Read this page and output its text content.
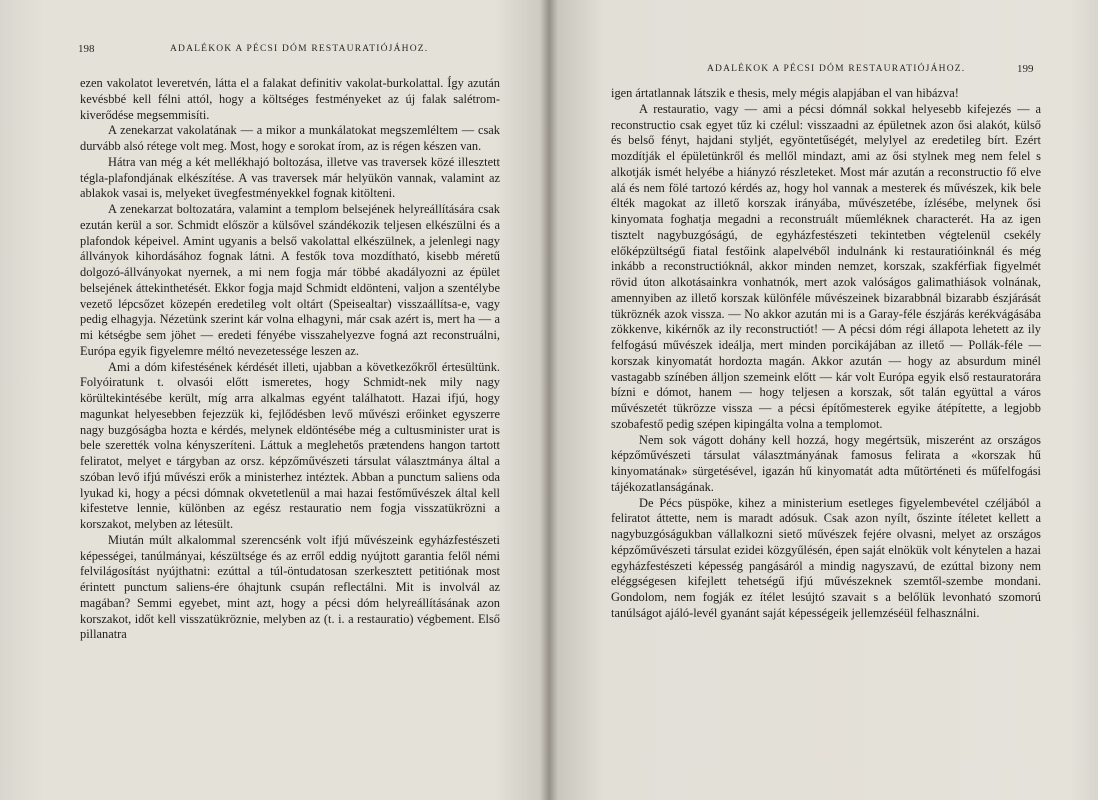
198	ADALÉKOK A PÉCSI DÓM RESTAURATIÓJÁHOZ.

ezen vakolatot leveretvén, látta el a falakat definitiv vakolat-burkolattal. Így azután kevésbbé kell félni attól, hogy a költséges festményeket az új falak salétrom-kiverődése megsemmisíti.

A zenekarzat vakolatának — a mikor a munkálatokat megszemléltem — csak durvább alsó rétege volt meg. Most, hogy e sorokat írom, az is régen készen van.

Hátra van még a két mellékhajó boltozása, illetve vas traversek közé illesztett tégla-plafondjának elkészítése. A vas traversek már helyükön vannak, valamint az ablakok vasai is, melyeket üvegfestményekkel fognak kitölteni.

A zenekarzat boltozatára, valamint a templom belsejének helyreállítására csak ezután kerül a sor. Schmidt először a külsővel szándékozik teljesen elkészülni és a plafondok képeivel. Amint ugyanis a belső vakolattal elkészülnek, a jelenlegi nagy állványok kihordásához fognak látni. A festők tova mozdítható, kisebb méretű dolgozó-állványokat nyernek, a mi nem fogja már többé akadályozni az épület belsejének áttekinthetését. Ekkor fogja majd Schmidt eldönteni, valjon a szentélybe vezető lépcsőzet közepén eredetileg volt oltárt (Speisealtar) visszaállítsa-e, vagy pedig elhagyja. Nézetünk szerint kár volna elhagyni, már csak azért is, mert ha — a mi kétségbe sem jöhet — eredeti fényébe visszahelyezve fogná azt reconstruálni, Európa egyik figyelemre méltó nevezetessége leszen az.

Ami a dóm kifestésének kérdését illeti, ujabban a következőkről értesültünk. Folyóiratunk t. olvasói előtt ismeretes, hogy Schmidt-nek mily nagy körültekintésébe került, míg arra alkalmas egyént találhatott. Hazai ifjú, hogy magunkat helyesebben fejezzük ki, fejlődésben levő művészi erőinket egyszerre nagy buzgóságba hozta e kérdés, melynek eldöntésébe még a cultusminister urat is bele szerették volna kényszeríteni. Láttuk a meglehetős prætendens hangon tartott feliratot, melyet e tárgyban az orsz. képzőművészeti társulat választmánya által a szóban levő ifjú művészi erők a ministerhez intéztek. Abban a punctum saliens oda lyukad ki, hogy a pécsi dómnak okvetetlenül a mai hazai festőművészek által kell kifestetve lennie, különben az egész restauratio nem fogja visszatükrözni a korszakot, melyben az létesült.

Miután múlt alkalommal szerencsénk volt ifjú művészeink egyházfestészeti képességei, tanúlmányai, készültsége és az erről eddig nyújtott garantia felől némi felvilágosítást nyújthatni: ezúttal a túl-öntudatosan szerkesztett petitiónak most érintett punctum saliens-ére óhajtunk csupán reflectálni. Mit is involvál az magában? Semmi egyebet, mint azt, hogy a pécsi dóm helyreállításának azon korszakot, időt kell visszatükröznie, melyben az (t. i. a restauratio) végbement. Első pillanatra

ADALÉKOK A PÉCSI DÓM RESTAURATIÓJÁHOZ.	199

igen ártatlannak látszik e thesis, mely mégis alapjában el van hibázva!

A restauratio, vagy — ami a pécsi dómnál sokkal helyesebb kifejezés — a reconstructio csak egyet tűz ki czélul: visszaadni az épületnek azon ősi alakót, külső és belső fényt, hajdani styljét, egyöntetűségét, melylyel az eredetileg bírt. Ezért mozdítják el épületünkről és mellől mindazt, ami az ősi stylnek meg nem felel s alkotják ismét helyébe a hiányzó részleteket. Most már azután a reconstructio fő elve alá és nem fölé tartozó kérdés az, hogy hol vannak a mesterek és művészek, kik bele élték magokat az illető korszak irányába, művészetébe, ízlésébe, melynek ősi kinyomata foghatja megadni a reconstruált műemléknek characterét. Ha az igen tisztelt nagybuzgóságú, de egyházfestészeti tekintetben végtelenül csekély előképzültségű fiatal festőink alapelvéből indulnánk ki restauratióinknál és még inkább a reconstructióknál, akkor minden nemzet, korszak, szakférfiak figyelmét rövid úton alkotásainkra vonhatnók, mert azok valóságos galimathiások volnának, amennyiben az illető korszak különféle művészeinek bizarabbnál bizarabb észjárását tükröznék azok vissza. — No akkor azután mi is a Garay-féle észjárás kerékvágásába zökkenve, kikérnők az ily reconstructiót! — A pécsi dóm régi állapota lehetett az ily felfogású művészek ideálja, mert minden porcikájában az illető — Pollák-féle — korszak kinyomatát hordozta magán. Akkor azután — hogy az absurdum minél vastagabb színében álljon szemeink előtt — kár volt Európa egyik első restauratorára bízni e dómot, hanem — hogy teljesen a korszak, sőt talán együttal a város művészetét tükrözze vissza — a pécsi építőmesterek egyike átépítette, a legjobb szobafestő pedig szépen kipingálta volna a templomot.

Nem sok vágott dohány kell hozzá, hogy megértsük, miszerént az országos képzőművészeti társulat választmányának famosus felirata a «korszak hű kinyomatának» sürgetésével, igazán hű kinyomatát adta műtörténeti és műfelfogási tájékozatlanságának.

De Pécs püspöke, kihez a ministerium esetleges figyelembevétel czéljából a feliratot áttette, nem is maradt adósuk. Csak azon nyílt, őszinte ítéletet kellett a nagybuzgóságukban vállalkozni siető művészek fejére olvasni, melyet az országos képzőművészeti társulat ezidei közgyűlésén, épen saját elnökük volt kénytelen a hazai egyházfestészeti képesség pangásáról a mindig nagyszavú, de ezúttal bizony nem eléggségesen kifejlett tehetségű ifjú művészeknek szemtől-szembe mondani. Gondolom, nem fogják ez ítélet lesújtó szavait s a belőlük levonható szomorú tanúlságot ajáló-levél gyanánt saját képességeik jellemzéséül felhasználni.
